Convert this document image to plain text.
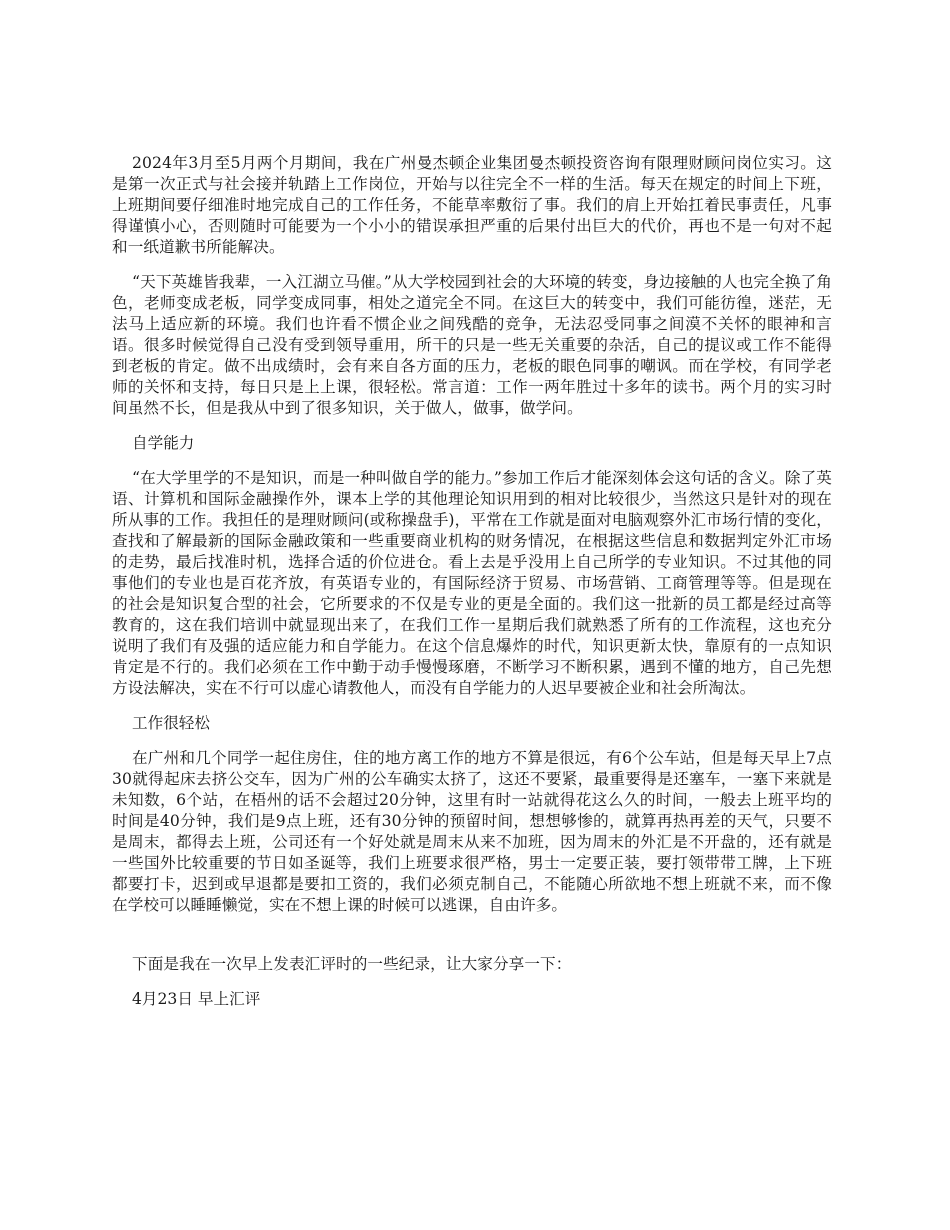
2024年3月至5月两个月期间，我在广州曼杰顿企业集团曼杰顿投资咨询有限理财顾问岗位实习。这是第一次正式与社会接并轨踏上工作岗位，开始与以往完全不一样的生活。每天在规定的时间上下班，上班期间要仔细准时地完成自己的工作任务，不能草率敷衍了事。我们的肩上开始扛着民事责任，凡事得谨慎小心，否则随时可能要为一个小小的错误承担严重的后果付出巨大的代价，再也不是一句对不起和一纸道歉书所能解决。

“天下英雄皆我辈，一入江湖立马催。”从大学校园到社会的大环境的转变，身边接触的人也完全换了角色，老师变成老板，同学变成同事，相处之道完全不同。在这巨大的转变中，我们可能彷徨，迷茫，无法马上适应新的环境。我们也许看不惯企业之间残酷的竞争，无法忍受同事之间漠不关怀的眼神和言语。很多时候觉得自己没有受到领导重用，所干的只是一些无关重要的杂活，自己的提议或工作不能得到老板的肯定。做不出成绩时，会有来自各方面的压力，老板的眼色同事的嘲讽。而在学校，有同学老师的关怀和支持，每日只是上上课，很轻松。常言道：工作一两年胜过十多年的读书。两个月的实习时间虽然不长，但是我从中到了很多知识，关于做人，做事，做学问。

自学能力

“在大学里学的不是知识，而是一种叫做自学的能力。”参加工作后才能深刻体会这句话的含义。除了英语、计算机和国际金融操作外，课本上学的其他理论知识用到的相对比较很少，当然这只是针对的现在所从事的工作。我担任的是理财顾问(或称操盘手)，平常在工作就是面对电脑观察外汇市场行情的变化，查找和了解最新的国际金融政策和一些重要商业机构的财务情况，在根据这些信息和数据判定外汇市场的走势，最后找准时机，选择合适的价位进仓。看上去是乎没用上自己所学的专业知识。不过其他的同事他们的专业也是百花齐放，有英语专业的，有国际经济于贸易、市场营销、工商管理等等。但是现在的社会是知识复合型的社会，它所要求的不仅是专业的更是全面的。我们这一批新的员工都是经过高等教育的，这在我们培训中就显现出来了，在我们工作一星期后我们就熟悉了所有的工作流程，这也充分说明了我们有及强的适应能力和自学能力。在这个信息爆炸的时代，知识更新太快，靠原有的一点知识肯定是不行的。我们必须在工作中勤于动手慢慢琢磨，不断学习不断积累，遇到不懂的地方，自己先想方设法解决，实在不行可以虚心请教他人，而没有自学能力的人迟早要被企业和社会所淘汰。

工作很轻松

在广州和几个同学一起住房住，住的地方离工作的地方不算是很远，有6个公车站，但是每天早上7点30就得起床去挤公交车，因为广州的公车确实太挤了，这还不要紧，最重要得是还塞车，一塞下来就是未知数，6个站，在梧州的话不会超过20分钟，这里有时一站就得花这么久的时间，一般去上班平均的时间是40分钟，我们是9点上班，还有30分钟的预留时间，想想够惨的，就算再热再差的天气，只要不是周末，都得去上班，公司还有一个好处就是周末从来不加班，因为周末的外汇是不开盘的，还有就是一些国外比较重要的节日如圣诞等，我们上班要求很严格，男士一定要正装，要打领带带工牌，上下班都要打卡，迟到或早退都是要扣工资的，我们必须克制自己，不能随心所欲地不想上班就不来，而不像在学校可以睡睡懒觉，实在不想上课的时候可以逃课，自由许多。

下面是我在一次早上发表汇评时的一些纪录，让大家分享一下：

4月23日 早上汇评
